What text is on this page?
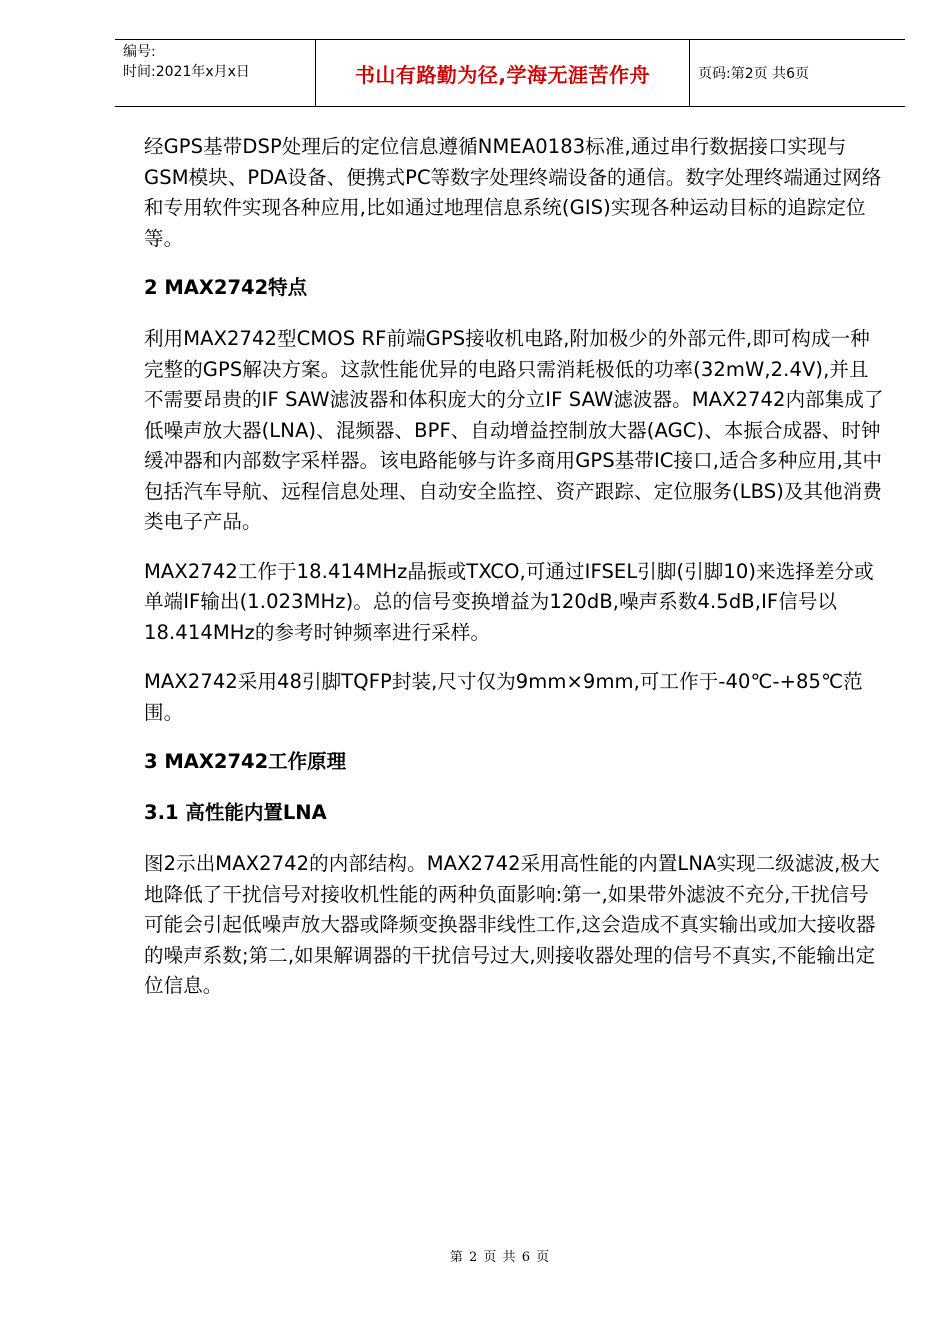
编号:
时间:2021年x月x日	书山有路勤为径,学海无涯苦作舟	页码:第2页 共6页

经GPS基带DSP处理后的定位信息遵循NMEA0183标准,通过串行数据接口实现与GSM模块、PDA设备、便携式PC等数字处理终端设备的通信。数字处理终端通过网络和专用软件实现各种应用,比如通过地理信息系统(GIS)实现各种运动目标的追踪定位等。

2 MAX2742特点

利用MAX2742型CMOS RF前端GPS接收机电路,附加极少的外部元件,即可构成一种完整的GPS解决方案。这款性能优异的电路只需消耗极低的功率(32mW,2.4V),并且不需要昂贵的IF SAW滤波器和体积庞大的分立IF SAW滤波器。MAX2742内部集成了低噪声放大器(LNA)、混频器、BPF、自动增益控制放大器(AGC)、本振合成器、时钟缓冲器和内部数字采样器。该电路能够与许多商用GPS基带IC接口,适合多种应用,其中包括汽车导航、远程信息处理、自动安全监控、资产跟踪、定位服务(LBS)及其他消费类电子产品。

MAX2742工作于18.414MHz晶振或TXCO,可通过IFSEL引脚(引脚10)来选择差分或单端IF输出(1.023MHz)。总的信号变换增益为120dB,噪声系数4.5dB,IF信号以18.414MHz的参考时钟频率进行采样。

MAX2742采用48引脚TQFP封装,尺寸仅为9mm×9mm,可工作于-40℃-+85℃范围。

3 MAX2742工作原理
3.1 高性能内置LNA

图2示出MAX2742的内部结构。MAX2742采用高性能的内置LNA实现二级滤波,极大地降低了干扰信号对接收机性能的两种负面影响:第一,如果带外滤波不充分,干扰信号可能会引起低噪声放大器或降频变换器非线性工作,这会造成不真实输出或加大接收器的噪声系数;第二,如果解调器的干扰信号过大,则接收器处理的信号不真实,不能输出定位信息。

第 2 页 共 6 页
